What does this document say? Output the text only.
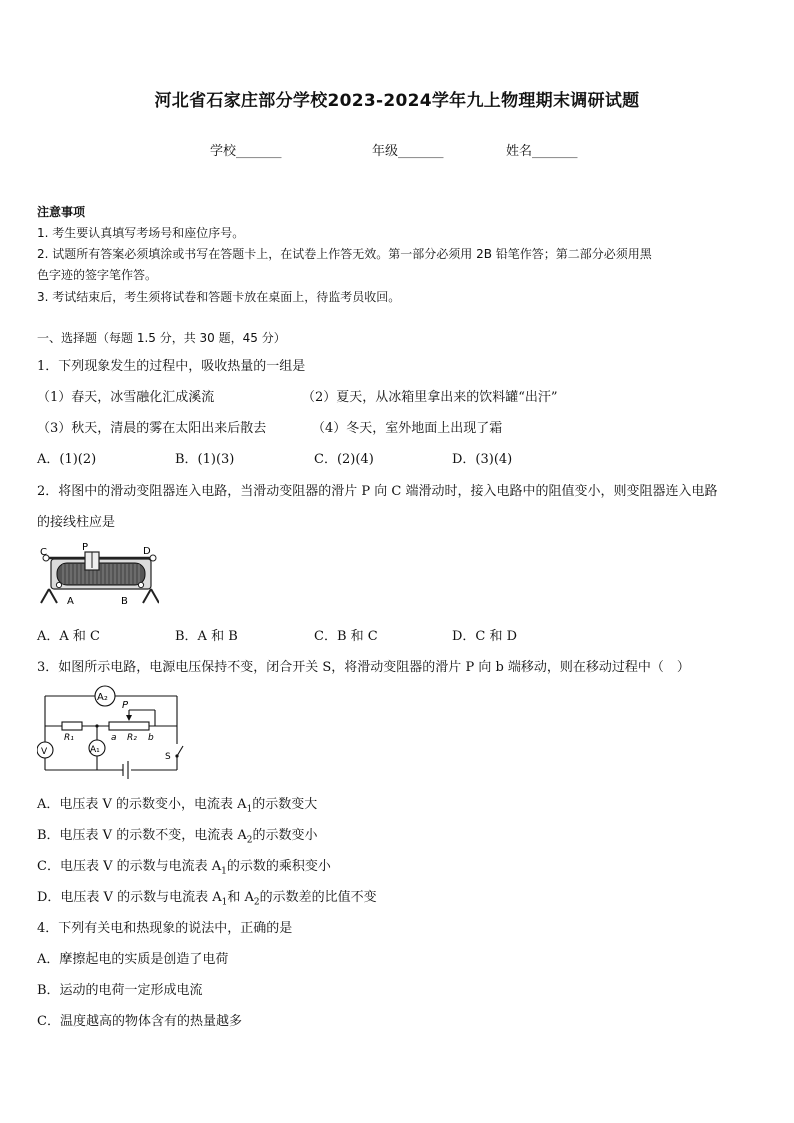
河北省石家庄部分学校2023-2024学年九上物理期末调研试题
学校_______	年级_______	姓名_______
注意事项
1. 考生要认真填写考场号和座位序号。
2. 试题所有答案必须填涂或书写在答题卡上，在试卷上作答无效。第一部分必须用 2B 铅笔作答；第二部分必须用黑
色字迹的签字笔作答。
3. 考试结束后，考生须将试卷和答题卡放在桌面上，待监考员收回。
一、选择题（每题 1.5 分，共 30 题，45 分）
1．下列现象发生的过程中，吸收热量的一组是
（1）春天，冰雪融化汇成溪流	（2）夏天，从冰箱里拿出来的饮料罐“出汗”
（3）秋天，清晨的雾在太阳出来后散去	（4）冬天，室外地面上出现了霜
A．(1)(2)	B．(1)(3)	C．(2)(4)	D．(3)(4)
2．将图中的滑动变阻器连入电路，当滑动变阻器的滑片 P 向 C 端滑动时，接入电路中的阻值变小，则变阻器连入电路
的接线柱应是
C	P	D
A	B
A．A 和 C	B．A 和 B	C．B 和 C	D．C 和 D
3．如图所示电路，电源电压保持不变，闭合开关 S，将滑动变阻器的滑片 P 向 b 端移动，则在移动过程中（　）
A₂
P
R₁	a R₂ b
V	A₁
S
A．电压表 V 的示数变小，电流表 $A_1$的示数变大
B．电压表 V 的示数不变，电流表 $A_2$的示数变小
C．电压表 V 的示数与电流表 $A_1$的示数的乘积变小
D．电压表 V 的示数与电流表 $A_1$和 $A_2$的示数差的比值不变
4．下列有关电和热现象的说法中，正确的是
A．摩擦起电的实质是创造了电荷
B．运动的电荷一定形成电流
C．温度越高的物体含有的热量越多
